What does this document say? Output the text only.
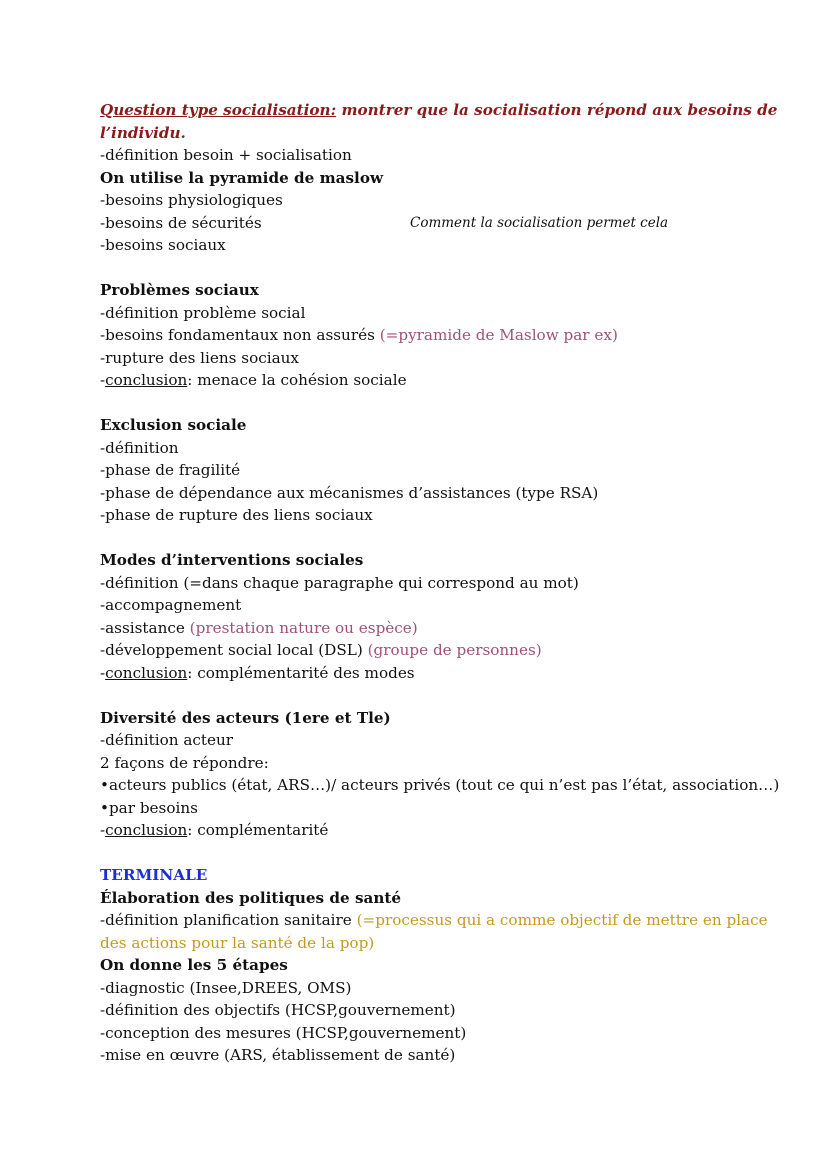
Question type socialisation: montrer que la socialisation répond aux besoins de
l’individu.
-définition besoin + socialisation
On utilise la pyramide de maslow
-besoins physiologiques
-besoins de sécurités	Comment la socialisation permet cela
-besoins sociaux
Problèmes sociaux
-définition problème social
-besoins fondamentaux non assurés (=pyramide de Maslow par ex)
-rupture des liens sociaux
-conclusion: menace la cohésion sociale
Exclusion sociale
-définition
-phase de fragilité
-phase de dépendance aux mécanismes d’assistances (type RSA)
-phase de rupture des liens sociaux
Modes d’interventions sociales
-définition (=dans chaque paragraphe qui correspond au mot)
-accompagnement
-assistance (prestation nature ou espèce)
-développement social local (DSL) (groupe de personnes)
-conclusion: complémentarité des modes
Diversité des acteurs (1ere et Tle)
-définition acteur
2 façons de répondre:
•acteurs publics (état, ARS…)/ acteurs privés (tout ce qui n’est pas l’état, association…)
•par besoins
-conclusion: complémentarité
TERMINALE
Élaboration des politiques de santé
-définition planification sanitaire (=processus qui a comme objectif de mettre en place
des actions pour la santé de la pop)
On donne les 5 étapes
-diagnostic (Insee,DREES, OMS)
-définition des objectifs (HCSP,gouvernement)
-conception des mesures (HCSP,gouvernement)
-mise en œuvre (ARS, établissement de santé)
